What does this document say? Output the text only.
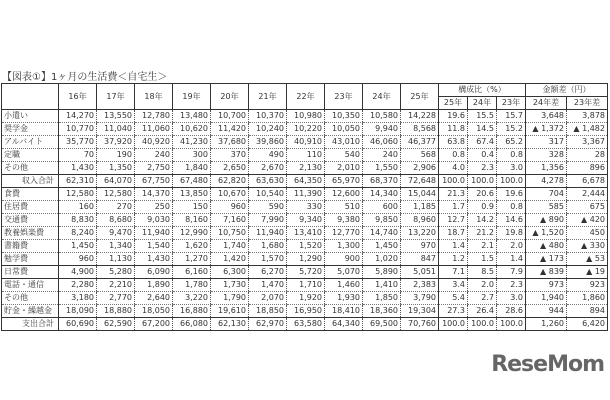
【図表①】1ヶ月の生活費＜自宅生＞
	16年	17年	18年	19年	20年	21年	22年	23年	24年	25年	構成比（%）			金額差（円）	
											25年	24年	23年	24年差	23年差
小遣い	14,270	13,550	12,780	13,480	10,700	10,370	10,980	10,350	10,580	14,228	19.6	15.5	15.7	3,648	3,878
奨学金	10,770	11,040	11,060	10,620	11,420	10,240	10,220	10,050	9,940	8,568	11.8	14.5	15.2	▲ 1,372	▲ 1,482
アルバイト	35,770	37,920	40,920	41,230	37,680	39,860	40,910	43,010	46,060	46,377	63.8	67.4	65.2	317	3,367
定職	70	190	240	300	370	490	110	540	240	568	0.8	0.4	0.8	328	28
その他	1,430	1,350	2,750	1,840	2,650	2,670	2,130	2,010	1,550	2,906	4.0	2.3	3.0	1,356	896
収入合計	62,310	64,070	67,750	67,480	62,820	63,630	64,350	65,970	68,370	72,648	100.0	100.0	100.0	4,278	6,678
食費	12,580	12,580	14,370	13,850	10,670	10,540	11,390	12,600	14,340	15,044	21.3	20.6	19.6	704	2,444
住居費	160	270	250	150	960	590	330	510	600	1,185	1.7	0.9	0.8	585	675
交通費	8,830	8,680	9,030	8,160	7,160	7,990	9,340	9,380	9,850	8,960	12.7	14.2	14.6	▲ 890	▲ 420
教養娯楽費	8,240	9,470	11,940	12,990	10,750	11,940	13,410	12,770	14,740	13,220	18.7	21.2	19.8	▲ 1,520	450
書籍費	1,450	1,340	1,540	1,620	1,740	1,680	1,520	1,300	1,450	970	1.4	2.1	2.0	▲ 480	▲ 330
勉学費	960	1,130	1,430	1,270	1,420	1,570	1,290	900	1,020	847	1.2	1.5	1.4	▲ 173	▲ 53
日常費	4,900	5,280	6,090	6,160	6,300	6,270	5,720	5,070	5,890	5,051	7.1	8.5	7.9	▲ 839	▲ 19
電話・通信	2,280	2,210	1,890	1,780	1,730	1,470	1,710	1,460	1,410	2,383	3.4	2.0	2.3	973	923
その他	3,180	2,770	2,640	3,220	1,790	2,070	1,920	1,930	1,850	3,790	5.4	2.7	3.0	1,940	1,860
貯金・繰越金	18,090	18,880	18,050	16,880	19,610	18,850	16,950	18,410	18,360	19,304	27.3	26.4	28.6	944	894
支出合計	60,690	62,590	67,200	66,080	62,130	62,970	63,580	64,340	69,500	70,760	100.0	100.0	100.0	1,260	6,420
ReseMom
